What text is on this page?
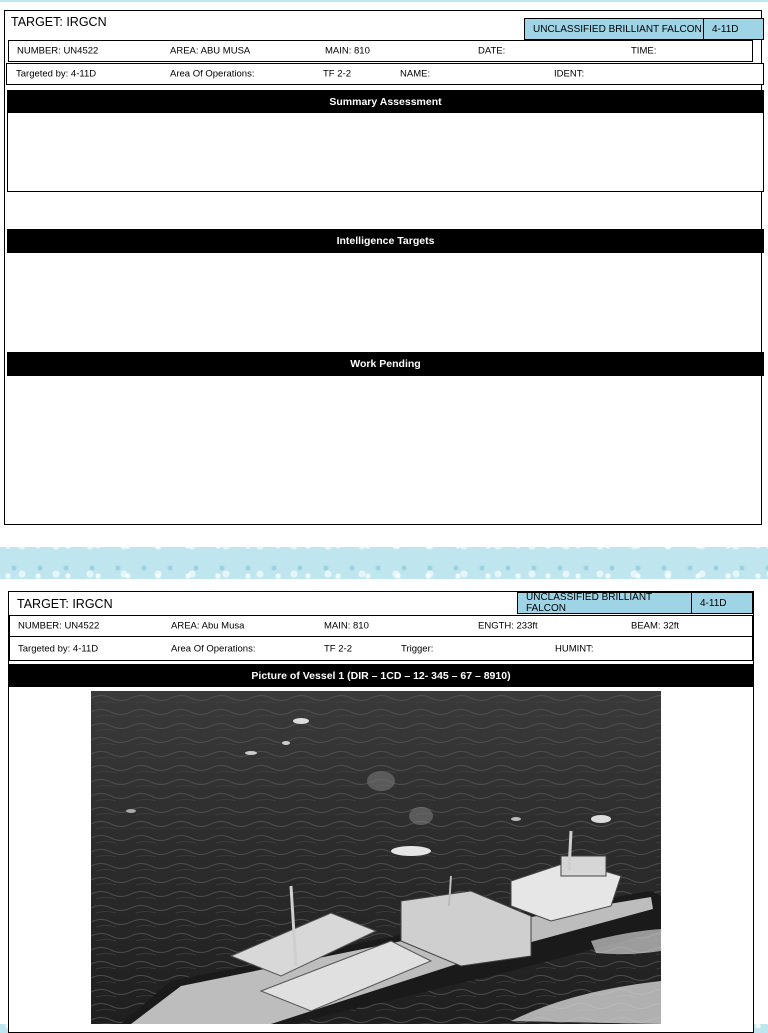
TARGET: IRGCN	UNCLASSIFIED BRILLIANT FALCON	4-11D
NUMBER: UN4522	AREA: ABU MUSA	MAIN: 810	DATE:	TIME:
Targeted by: 4-11D	Area Of Operations:	TF 2-2	NAME:	IDENT:
Summary Assessment
Intelligence Targets
Work Pending
TARGET: IRGCN	UNCLASSIFIED BRILLIANT FALCON	4-11D
NUMBER: UN4522	AREA: Abu Musa	MAIN: 810	ENGTH: 233ft	BEAM: 32ft
Targeted by: 4-11D	Area Of Operations:	TF 2-2	Trigger:	HUMINT:
Picture of Vessel 1 (DIR – 1CD – 12- 345 – 67 – 8910)
